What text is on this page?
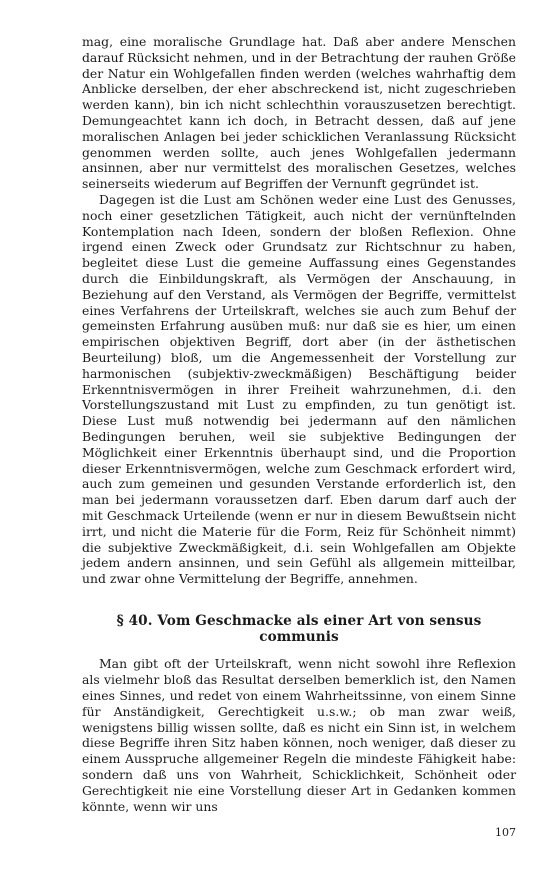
mag, eine moralische Grundlage hat. Daß aber andere Menschen darauf Rücksicht nehmen, und in der Betrachtung der rauhen Größe der Natur ein Wohlgefallen finden werden (welches wahrhaftig dem Anblicke derselben, der eher abschreckend ist, nicht zugeschrieben werden kann), bin ich nicht schlechthin vorauszusetzen berechtigt. Demungeachtet kann ich doch, in Betracht dessen, daß auf jene moralischen Anlagen bei jeder schicklichen Veranlassung Rücksicht genommen werden sollte, auch jenes Wohlgefallen jedermann ansinnen, aber nur vermittelst des moralischen Gesetzes, welches seinerseits wiederum auf Begriffen der Vernunft gegründet ist.

Dagegen ist die Lust am Schönen weder eine Lust des Genusses, noch einer gesetzlichen Tätigkeit, auch nicht der vernünftelnden Kontemplation nach Ideen, sondern der bloßen Reflexion. Ohne irgend einen Zweck oder Grundsatz zur Richtschnur zu haben, begleitet diese Lust die gemeine Auffassung eines Gegenstandes durch die Einbildungskraft, als Vermögen der Anschauung, in Beziehung auf den Verstand, als Vermögen der Begriffe, vermittelst eines Verfahrens der Urteilskraft, welches sie auch zum Behuf der gemeinsten Erfahrung ausüben muß: nur daß sie es hier, um einen empirischen objektiven Begriff, dort aber (in der ästhetischen Beurteilung) bloß, um die Angemessenheit der Vorstellung zur harmonischen (subjektiv-zweckmäßigen) Beschäftigung beider Erkenntnisvermögen in ihrer Freiheit wahrzunehmen, d.i. den Vorstellungszustand mit Lust zu empfinden, zu tun genötigt ist. Diese Lust muß notwendig bei jedermann auf den nämlichen Bedingungen beruhen, weil sie subjektive Bedingungen der Möglichkeit einer Erkenntnis überhaupt sind, und die Proportion dieser Erkenntnisvermögen, welche zum Geschmack erfordert wird, auch zum gemeinen und gesunden Verstande erforderlich ist, den man bei jedermann voraussetzen darf. Eben darum darf auch der mit Geschmack Urteilende (wenn er nur in diesem Bewußtsein nicht irrt, und nicht die Materie für die Form, Reiz für Schönheit nimmt) die subjektive Zweckmäßigkeit, d.i. sein Wohlgefallen am Objekte jedem andern ansinnen, und sein Gefühl als allgemein mitteilbar, und zwar ohne Vermittelung der Begriffe, annehmen.

§ 40. Vom Geschmacke als einer Art von sensus communis

Man gibt oft der Urteilskraft, wenn nicht sowohl ihre Reflexion als vielmehr bloß das Resultat derselben bemerklich ist, den Namen eines Sinnes, und redet von einem Wahrheitssinne, von einem Sinne für Anständigkeit, Gerechtigkeit u.s.w.; ob man zwar weiß, wenigstens billig wissen sollte, daß es nicht ein Sinn ist, in welchem diese Begriffe ihren Sitz haben können, noch weniger, daß dieser zu einem Ausspruche allgemeiner Regeln die mindeste Fähigkeit habe: sondern daß uns von Wahrheit, Schicklichkeit, Schönheit oder Gerechtigkeit nie eine Vorstellung dieser Art in Gedanken kommen könnte, wenn wir uns

107
